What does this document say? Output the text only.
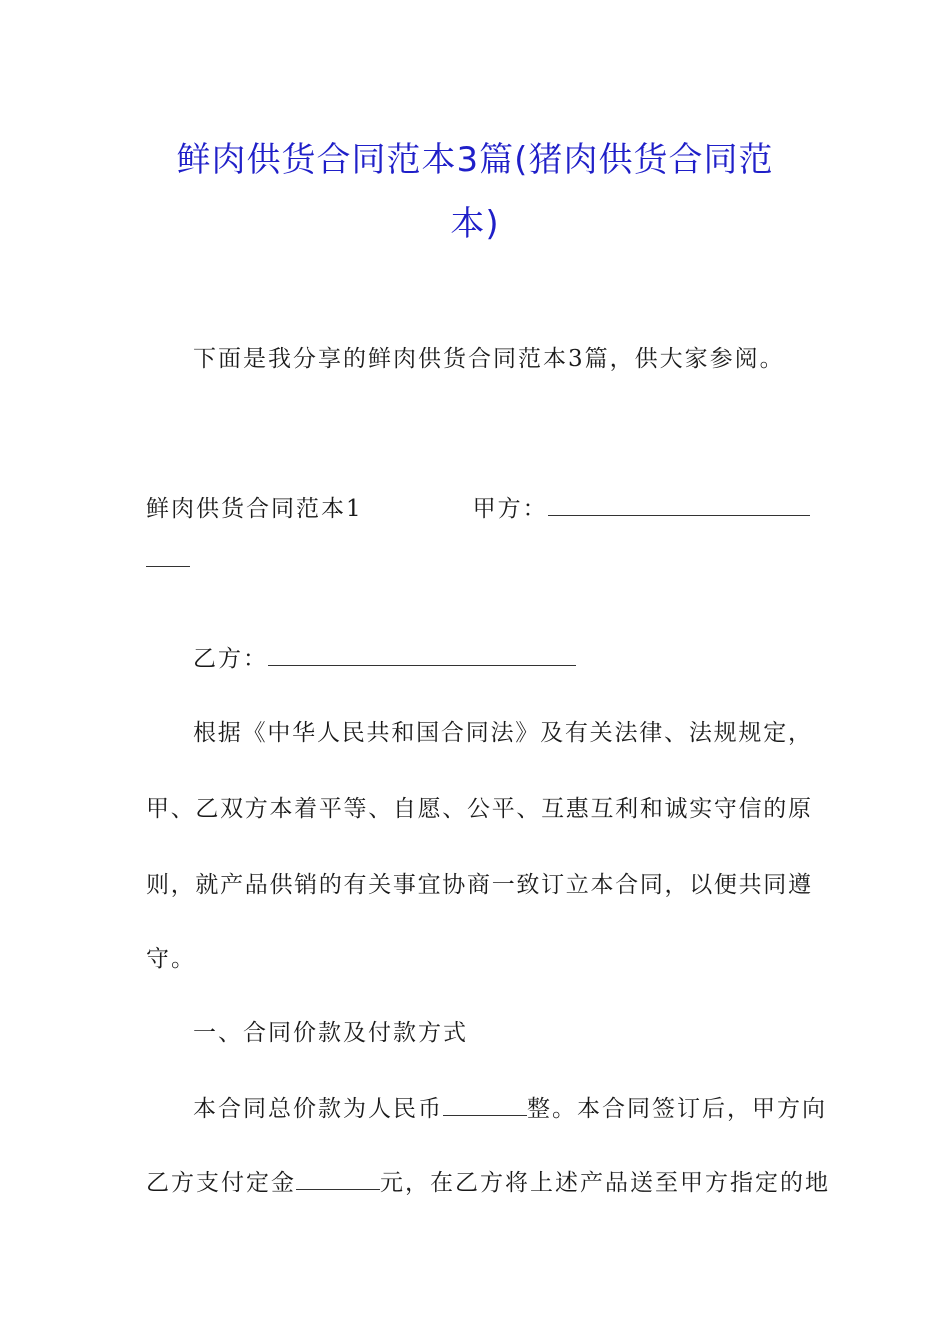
鲜肉供货合同范本3篇(猪肉供货合同范
本)

下面是我分享的鲜肉供货合同范本3篇，供大家参阅。

鲜肉供货合同范本1	甲方：

乙方：

根据《中华人民共和国合同法》及有关法律、法规规定，

甲、乙双方本着平等、自愿、公平、互惠互利和诚实守信的原

则，就产品供销的有关事宜协商一致订立本合同，以便共同遵

守。

一、合同价款及付款方式

本合同总价款为人民币	整。本合同签订后，甲方向

乙方支付定金	元，在乙方将上述产品送至甲方指定的地
